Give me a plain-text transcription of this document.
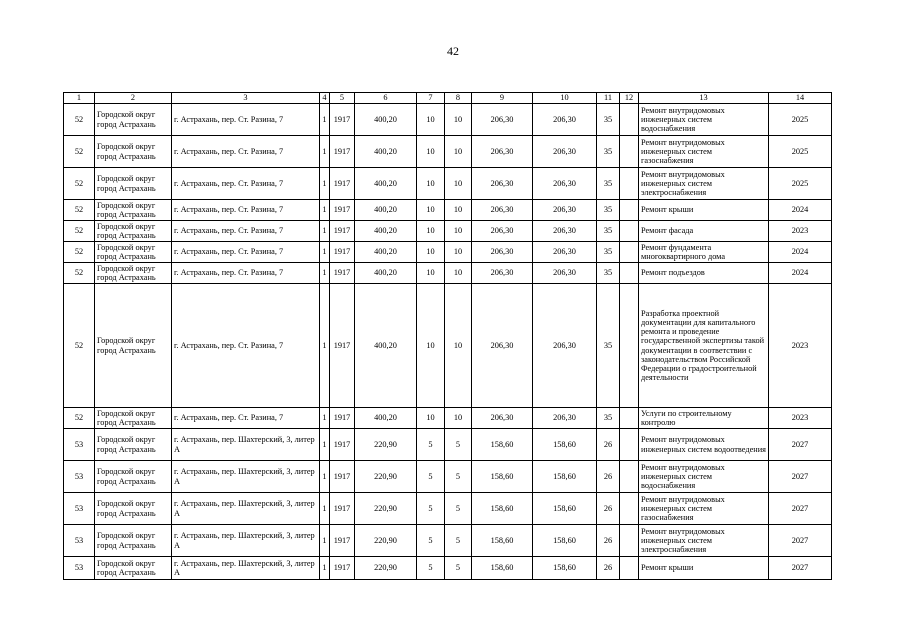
42
1	2	3	4	5	6	7	8	9	10	11	12	13	14
52	Городской округ город Астрахань	г. Астрахань, пер. Ст. Разина, 7	1	1917	400,20	10	10	206,30	206,30	35		Ремонт внутридомовых инженерных систем водоснабжения	2025
52	Городской округ город Астрахань	г. Астрахань, пер. Ст. Разина, 7	1	1917	400,20	10	10	206,30	206,30	35		Ремонт внутридомовых инженерных систем газоснабжения	2025
52	Городской округ город Астрахань	г. Астрахань, пер. Ст. Разина, 7	1	1917	400,20	10	10	206,30	206,30	35		Ремонт внутридомовых инженерных систем электроснабжения	2025
52	Городской округ город Астрахань	г. Астрахань, пер. Ст. Разина, 7	1	1917	400,20	10	10	206,30	206,30	35		Ремонт крыши	2024
52	Городской округ город Астрахань	г. Астрахань, пер. Ст. Разина, 7	1	1917	400,20	10	10	206,30	206,30	35		Ремонт фасада	2023
52	Городской округ город Астрахань	г. Астрахань, пер. Ст. Разина, 7	1	1917	400,20	10	10	206,30	206,30	35		Ремонт фундамента многоквартирного дома	2024
52	Городской округ город Астрахань	г. Астрахань, пер. Ст. Разина, 7	1	1917	400,20	10	10	206,30	206,30	35		Ремонт подъездов	2024
52	Городской округ город Астрахань	г. Астрахань, пер. Ст. Разина, 7	1	1917	400,20	10	10	206,30	206,30	35		Разработка проектной документации для капитального ремонта и проведение государственной экспертизы такой документации в соответствии с законодательством Российской Федерации о градостроительной деятельности	2023
52	Городской округ город Астрахань	г. Астрахань, пер. Ст. Разина, 7	1	1917	400,20	10	10	206,30	206,30	35		Услуги по строительному контролю	2023
53	Городской округ город Астрахань	г. Астрахань, пер. Шахтерский, 3, литер А	1	1917	220,90	5	5	158,60	158,60	26		Ремонт внутридомовых инженерных систем водоотведения	2027
53	Городской округ город Астрахань	г. Астрахань, пер. Шахтерский, 3, литер А	1	1917	220,90	5	5	158,60	158,60	26		Ремонт внутридомовых инженерных систем водоснабжения	2027
53	Городской округ город Астрахань	г. Астрахань, пер. Шахтерский, 3, литер А	1	1917	220,90	5	5	158,60	158,60	26		Ремонт внутридомовых инженерных систем газоснабжения	2027
53	Городской округ город Астрахань	г. Астрахань, пер. Шахтерский, 3, литер А	1	1917	220,90	5	5	158,60	158,60	26		Ремонт внутридомовых инженерных систем электроснабжения	2027
53	Городской округ город Астрахань	г. Астрахань, пер. Шахтерский, 3, литер А	1	1917	220,90	5	5	158,60	158,60	26		Ремонт крыши	2027
